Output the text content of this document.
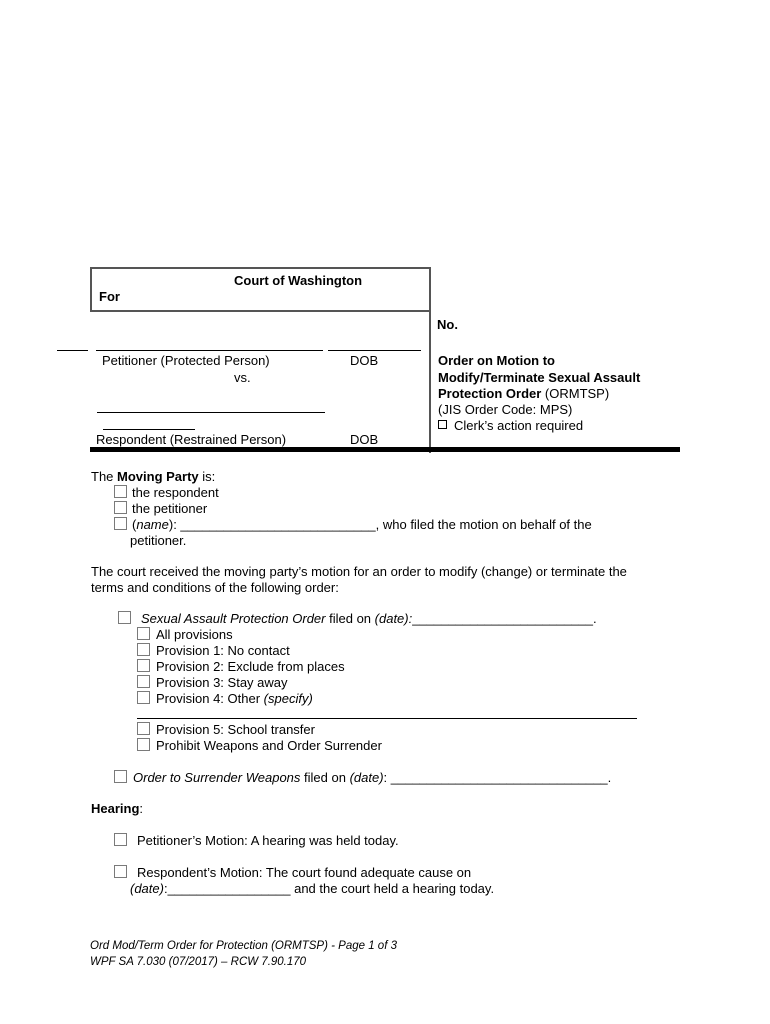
Court of Washington
For
No.
Petitioner (Protected Person)	DOB
vs.
Respondent (Restrained Person)	DOB
Order on Motion to
Modify/Terminate Sexual Assault
Protection Order (ORMTSP)
(JIS Order Code: MPS)
Clerk’s action required
The Moving Party is:
the respondent
the petitioner
(name): ___________________________, who filed the motion on behalf of the
petitioner.
The court received the moving party’s motion for an order to modify (change) or terminate the
terms and conditions of the following order:
Sexual Assault Protection Order filed on (date):_________________________.
All provisions
Provision 1: No contact
Provision 2: Exclude from places
Provision 3: Stay away
Provision 4: Other (specify)
Provision 5: School transfer
Prohibit Weapons and Order Surrender
Order to Surrender Weapons filed on (date): ______________________________.
Hearing:
Petitioner’s Motion: A hearing was held today.
Respondent’s Motion: The court found adequate cause on
(date):_________________ and the court held a hearing today.
Ord Mod/Term Order for Protection (ORMTSP) - Page 1 of 3
WPF SA 7.030 (07/2017) – RCW 7.90.170
